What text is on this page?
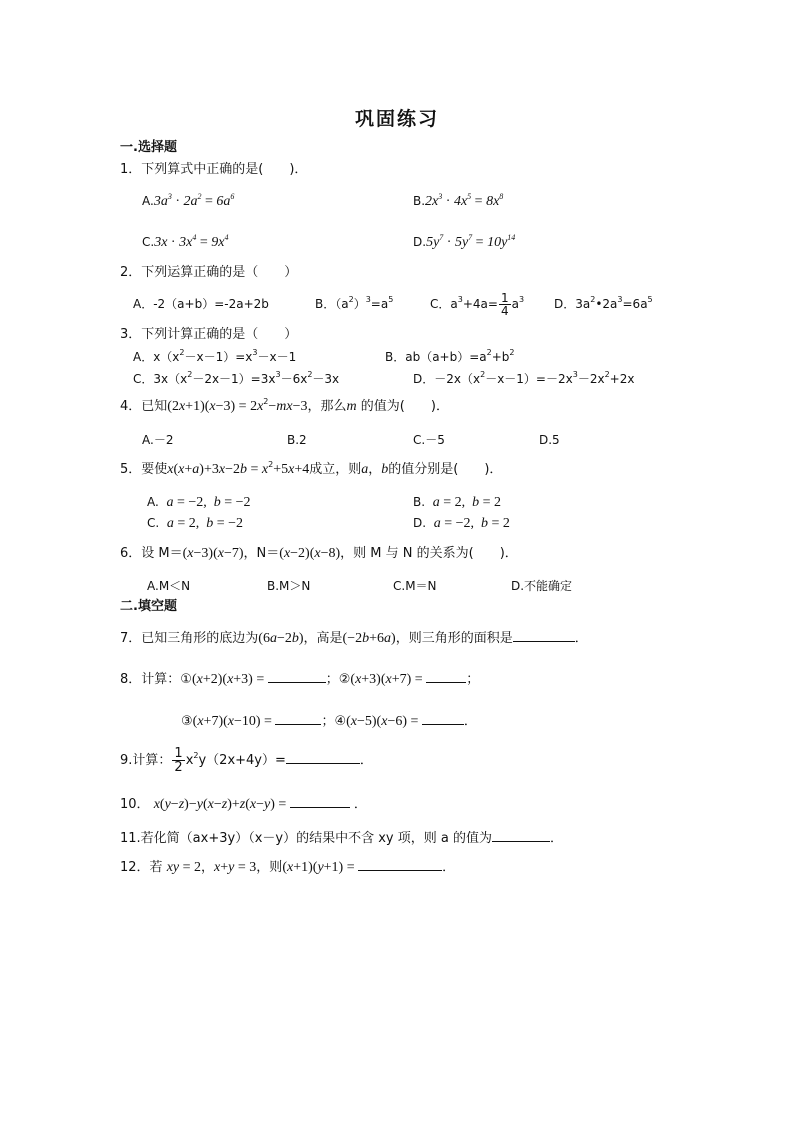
巩固练习
一.选择题
1．下列算式中正确的是(　　)．
$A.3a^3 \cdot 2a^2 = 6a^6$	$B.2x^3 \cdot 4x^5 = 8x^8$
$C.3x \cdot 3x^4 = 9x^4$	$D.5y^7 \cdot 5y^7 = 10y^{14}$
2．下列运算正确的是（　　）
A．-2（a+b）=-2a+2b	B．$(a^2)^3=a^5$	C．$a^3+4a= \frac{1}{4} a^3$ D．$3a^2•2a^3=6a^5$
3．下列计算正确的是（　　）
A．$x(x^2-x-1)=x^3-x-1$	B．$ab(a+b)=a^2+b^2$
C．$3x(x^2-2x-1)=3x^3-6x^2-3x$	D．$-2x(x^2-x-1)=-2x^3-2x^2+2x$
4．已知$(2x+1)(x-3) = 2x^2-mx-3$，那么m 的值为(　　)．
A.－2	B.2	C.－5	D.5
5．要使$x(x+a)+3x-2b = x^2+5x+4$成立，则a，b的值分别是(　　)．
A. a = −2,  b = −2	B. a = 2,  b = 2
C. a = 2,  b = −2	D. a = −2,  b = 2
6．设 M＝(x−3)(x−7)，N＝(x−2)(x−8)，则 M 与 N 的关系为(　　)．
A.M＜N	B.M＞N	C.M＝N	D.不能确定
二.填空题
7．已知三角形的底边为(6a−2b)，高是(−2b+6a)，则三角形的面积是	．
8．计算：①(x+2)(x+3) =	；②(x+3)(x+7) =	；
③(x+7)(x−10) =	；④(x−5)(x−6) =	．
9.计算： $\frac{1}{2} x^2y(2x+4y)=$	．
10． x(y−z)−y(x−z)+z(x−y) =	．
11.若化简（ax+3y）（x－y）的结果中不含 xy 项，则 a 的值为	．
12．若 xy = 2，x+y = 3，则(x+1)(y+1) =	．
